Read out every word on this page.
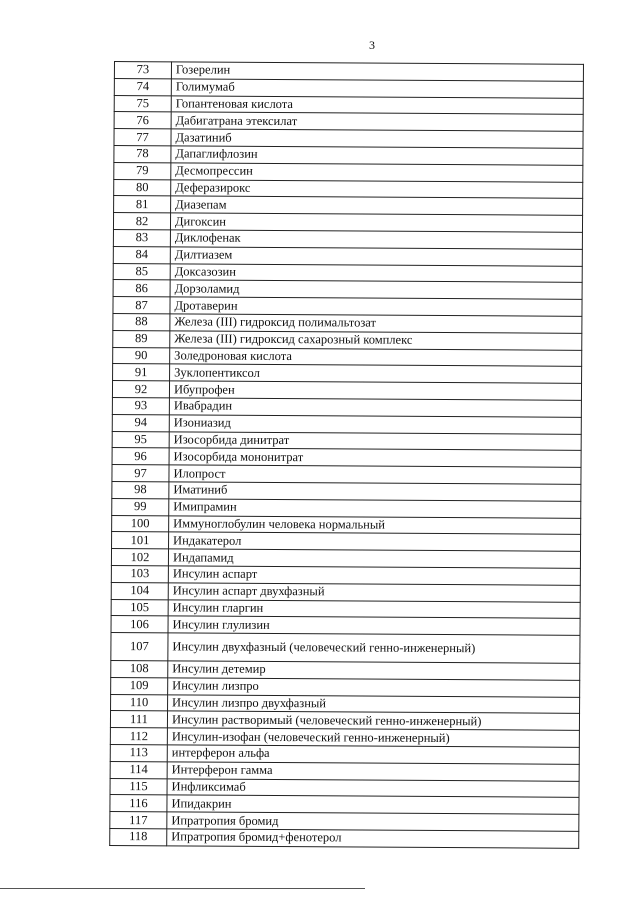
3
73	Гозерелин
74	Голимумаб
75	Гопантеновая кислота
76	Дабигатрана этексилат
77	Дазатиниб
78	Дапаглифлозин
79	Десмопрессин
80	Деферазирокс
81	Диазепам
82	Дигоксин
83	Диклофенак
84	Дилтиазем
85	Доксазозин
86	Дорзоламид
87	Дротаверин
88	Железа (III) гидроксид полимальтозат
89	Железа (III) гидроксид сахарозный комплекс
90	Золедроновая кислота
91	Зуклопентиксол
92	Ибупрофен
93	Ивабрадин
94	Изониазид
95	Изосорбида динитрат
96	Изосорбида мононитрат
97	Илопрост
98	Иматиниб
99	Имипрамин
100	Иммуноглобулин человека нормальный
101	Индакатерол
102	Индапамид
103	Инсулин аспарт
104	Инсулин аспарт двухфазный
105	Инсулин гларгин
106	Инсулин глулизин
107	Инсулин двухфазный (человеческий генно-инженерный)
108	Инсулин детемир
109	Инсулин лизпро
110	Инсулин лизпро двухфазный
111	Инсулин растворимый (человеческий генно-инженерный)
112	Инсулин-изофан (человеческий генно-инженерный)
113	интерферон альфа
114	Интерферон гамма
115	Инфликсимаб
116	Ипидакрин
117	Ипратропия бромид
118	Ипратропия бромид+фенотерол
